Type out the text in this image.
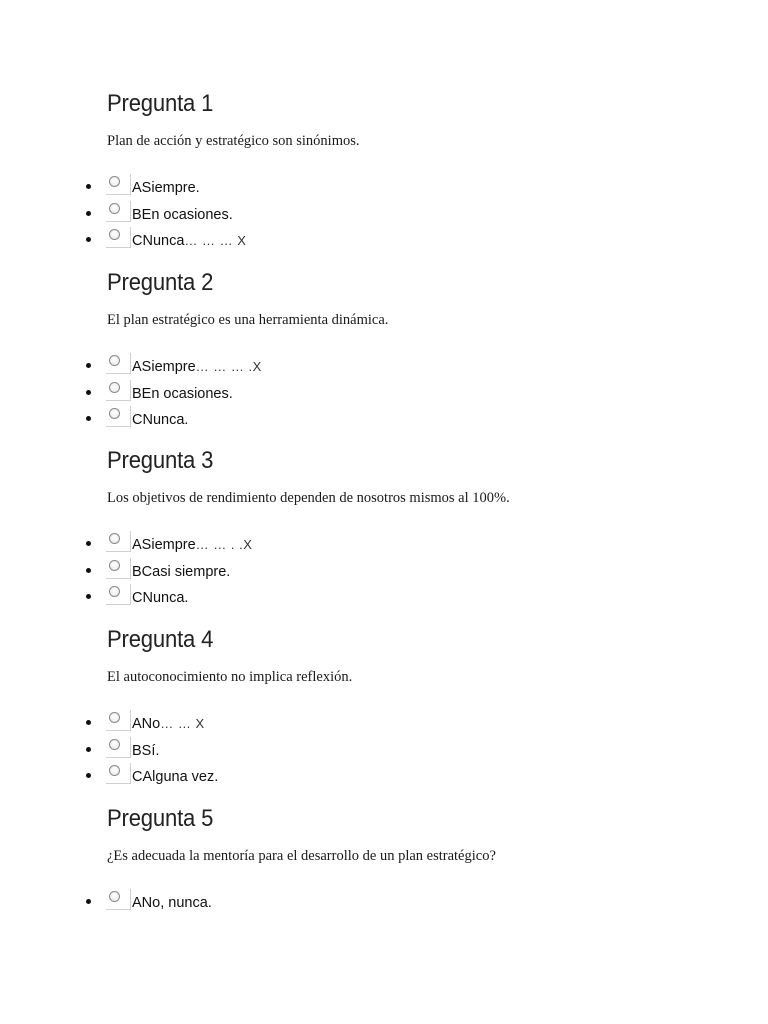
Pregunta 1

Plan de acción y estratégico son sinónimos.

ASiempre.
BEn ocasiones.
CNunca… … … X
Pregunta 2

El plan estratégico es una herramienta dinámica.

ASiempre… … … .X
BEn ocasiones.
CNunca.
Pregunta 3

Los objetivos de rendimiento dependen de nosotros mismos al 100%.

ASiempre… … . .X
BCasi siempre.
CNunca.
Pregunta 4

El autoconocimiento no implica reflexión.

ANo… … X
BSí.
CAlguna vez.
Pregunta 5

¿Es adecuada la mentoría para el desarrollo de un plan estratégico?

ANo, nunca.
